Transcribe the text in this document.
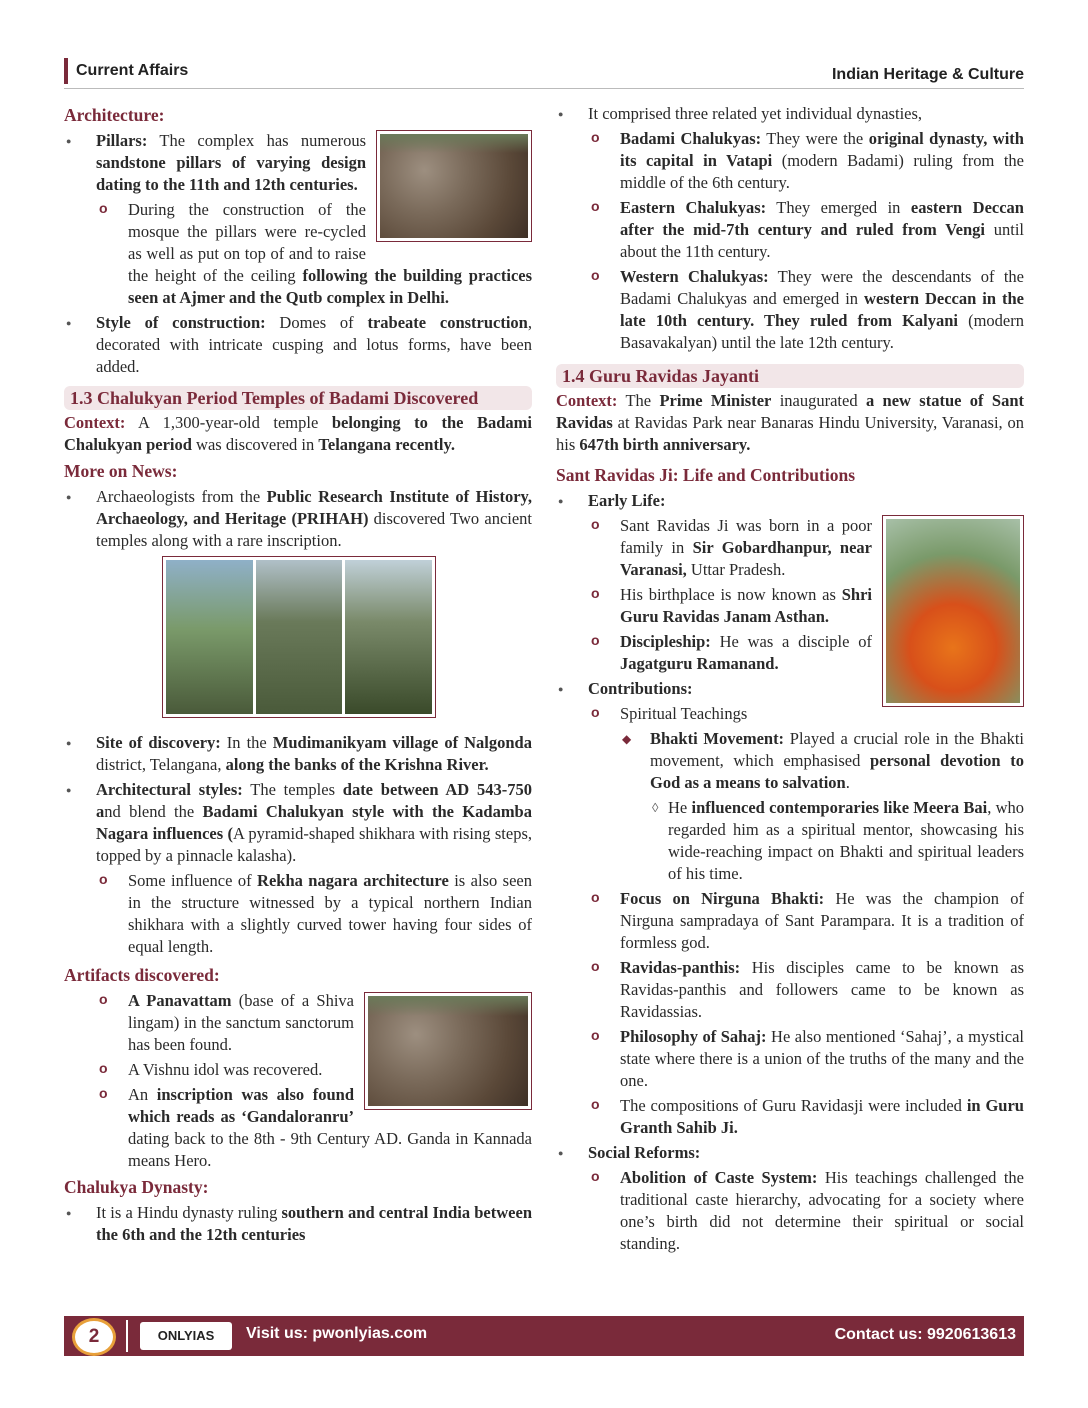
Current Affairs	Indian Heritage & Culture
Architecture:
● Pillars: The complex has numerous sandstone pillars of varying design dating to the 11th and 12th centuries.
o During the construction of the mosque the pillars were re-cycled as well as put on top of and to raise the height of the ceiling following the building practices seen at Ajmer and the Qutb complex in Delhi.
● Style of construction: Domes of trabeate construction, decorated with intricate cusping and lotus forms, have been added.
1.3 Chalukyan Period Temples of Badami Discovered

Context: A 1,300-year-old temple belonging to the Badami Chalukyan period was discovered in Telangana recently.

More on News:
● Archaeologists from the Public Research Institute of History, Archaeology, and Heritage (PRIHAH) discovered Two ancient temples along with a rare inscription.
● Site of discovery: In the Mudimanikyam village of Nalgonda district, Telangana, along the banks of the Krishna River.
● Architectural styles: The temples date between AD 543-750 and blend the Badami Chalukyan style with the Kadamba Nagara influences (A pyramid-shaped shikhara with rising steps, topped by a pinnacle kalasha).
o Some influence of Rekha nagara architecture is also seen in the structure witnessed by a typical northern Indian shikhara with a slightly curved tower having four sides of equal length.
Artifacts discovered:
o A Panavattam (base of a Shiva lingam) in the sanctum sanctorum has been found.
o A Vishnu idol was recovered.
o An inscription was also found which reads as ‘Gandaloranru’ dating back to the 8th - 9th Century AD. Ganda in Kannada means Hero.
Chalukya Dynasty:
● It is a Hindu dynasty ruling southern and central India between the 6th and the 12th centuries
● It comprised three related yet individual dynasties,
o Badami Chalukyas: They were the original dynasty, with its capital in Vatapi (modern Badami) ruling from the middle of the 6th century.
o Eastern Chalukyas: They emerged in eastern Deccan after the mid-7th century and ruled from Vengi until about the 11th century.
o Western Chalukyas: They were the descendants of the Badami Chalukyas and emerged in western Deccan in the late 10th century. They ruled from Kalyani (modern Basavakalyan) until the late 12th century.
1.4 Guru Ravidas Jayanti

Context: The Prime Minister inaugurated a new statue of Sant Ravidas at Ravidas Park near Banaras Hindu University, Varanasi, on his 647th birth anniversary.

Sant Ravidas Ji: Life and Contributions
● Early Life:
o Sant Ravidas Ji was born in a poor family in Sir Gobardhanpur, near Varanasi, Uttar Pradesh.
o His birthplace is now known as Shri Guru Ravidas Janam Asthan.
o Discipleship: He was a disciple of Jagatguru Ramanand.
● Contributions:
o Spiritual Teachings
◆ Bhakti Movement: Played a crucial role in the Bhakti movement, which emphasised personal devotion to God as a means to salvation.
◊ He influenced contemporaries like Meera Bai, who regarded him as a spiritual mentor, showcasing his wide-reaching impact on Bhakti and spiritual leaders of his time.
o Focus on Nirguna Bhakti: He was the champion of Nirguna sampradaya of Sant Parampara. It is a tradition of formless god.
o Ravidas-panthis: His disciples came to be known as Ravidas-panthis and followers came to be known as Ravidassias.
o Philosophy of Sahaj: He also mentioned ‘Sahaj’, a mystical state where there is a union of the truths of the many and the one.
o The compositions of Guru Ravidasji were included in Guru Granth Sahib Ji.
● Social Reforms:
o Abolition of Caste System: His teachings challenged the traditional caste hierarchy, advocating for a society where one’s birth did not determine their spiritual or social standing.
2	ONLYIAS	Visit us: pwonlyias.com	Contact us: 9920613613
